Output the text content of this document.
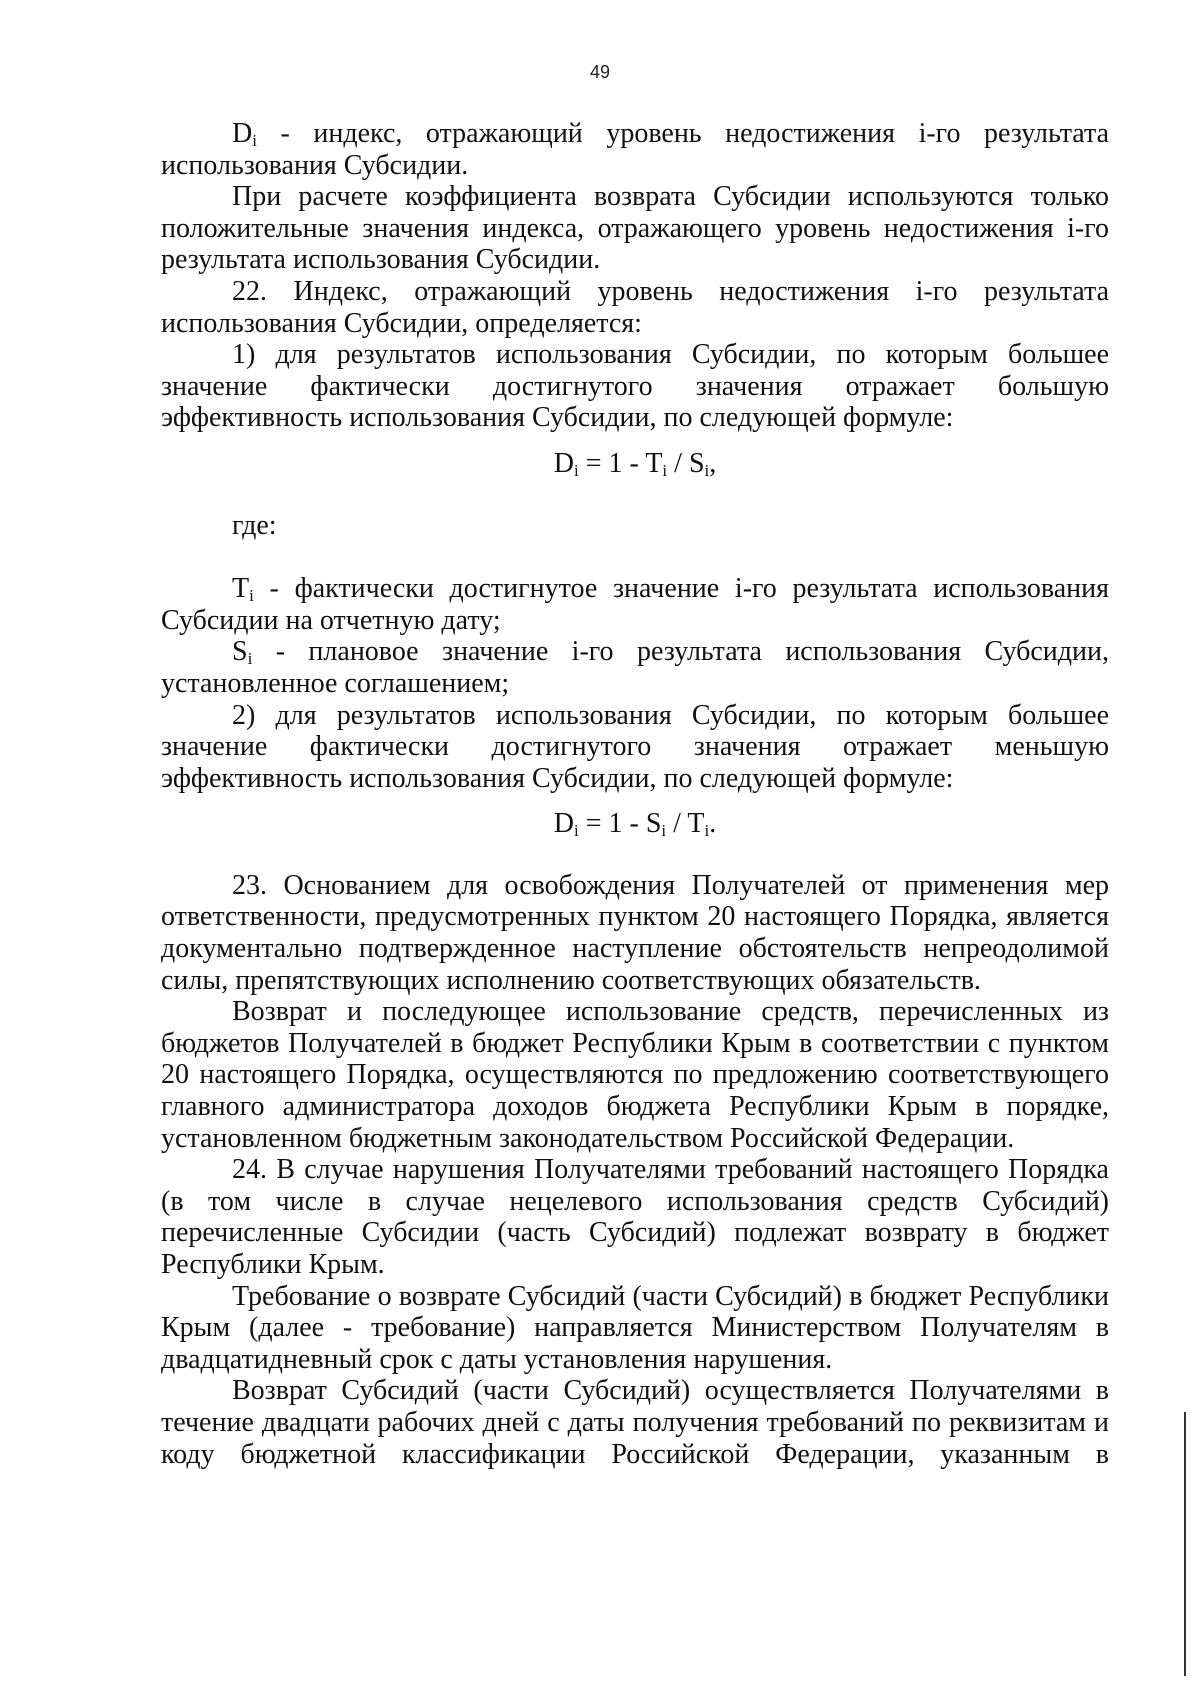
49

Di - индекс, отражающий уровень недостижения i-го результата использования Субсидии.

При расчете коэффициента возврата Субсидии используются только положительные значения индекса, отражающего уровень недостижения i-го результата использования Субсидии.

22. Индекс, отражающий уровень недостижения i-го результата использования Субсидии, определяется:

1) для результатов использования Субсидии, по которым большее значение фактически достигнутого значения отражает большую эффективность использования Субсидии, по следующей формуле:

$D_i = 1 - T_i / S_i$,

где:

Ti - фактически достигнутое значение i-го результата использования Субсидии на отчетную дату;

Si - плановое значение i-го результата использования Субсидии, установленное соглашением;

2) для результатов использования Субсидии, по которым большее значение фактически достигнутого значения отражает меньшую эффективность использования Субсидии, по следующей формуле:

$D_i = 1 - S_i / T_i$.

23. Основанием для освобождения Получателей от применения мер ответственности, предусмотренных пунктом 20 настоящего Порядка, является документально подтвержденное наступление обстоятельств непреодолимой силы, препятствующих исполнению соответствующих обязательств.

Возврат и последующее использование средств, перечисленных из бюджетов Получателей в бюджет Республики Крым в соответствии с пунктом 20 настоящего Порядка, осуществляются по предложению соответствующего главного администратора доходов бюджета Республики Крым в порядке, установленном бюджетным законодательством Российской Федерации.

24. В случае нарушения Получателями требований настоящего Порядка (в том числе в случае нецелевого использования средств Субсидий) перечисленные Субсидии (часть Субсидий) подлежат возврату в бюджет Республики Крым.

Требование о возврате Субсидий (части Субсидий) в бюджет Республики Крым (далее - требование) направляется Министерством Получателям в двадцатидневный срок с даты установления нарушения.

Возврат Субсидий (части Субсидий) осуществляется Получателями в течение двадцати рабочих дней с даты получения требований по реквизитам и коду бюджетной классификации Российской Федерации, указанным в
